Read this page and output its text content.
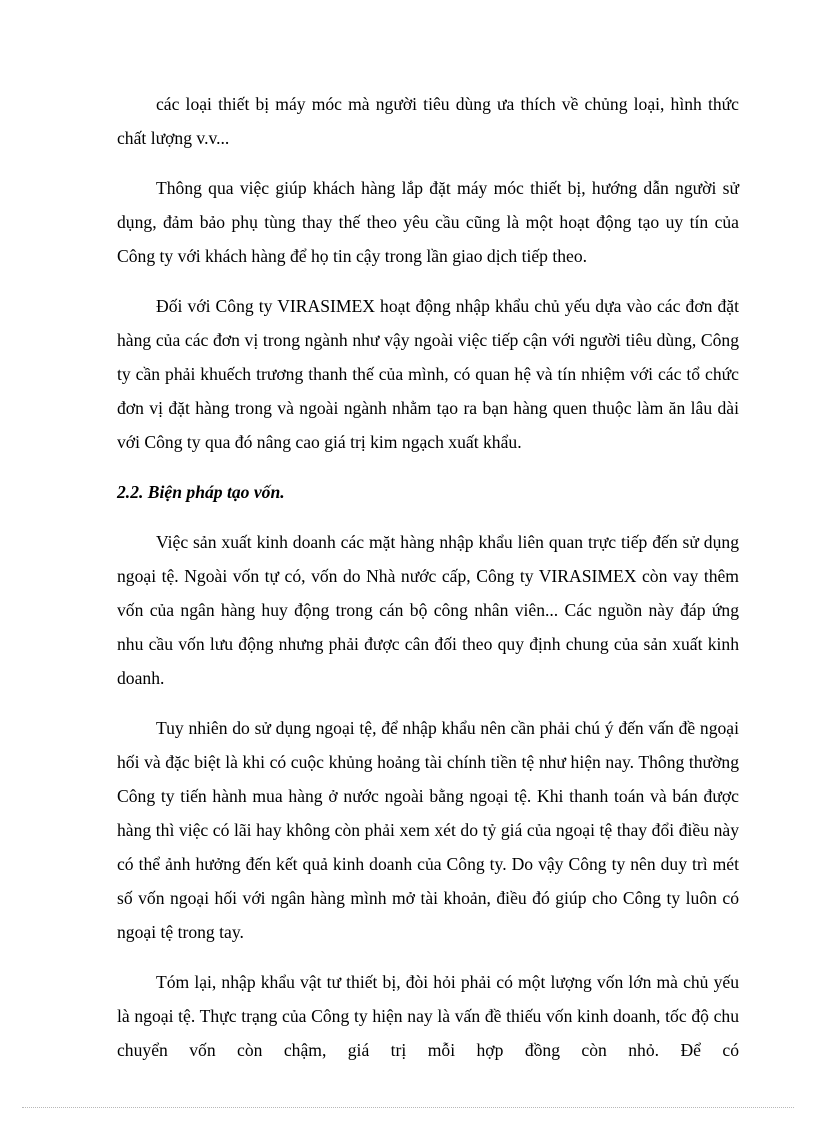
các loại thiết bị máy móc mà người tiêu dùng ưa thích về chủng loại, hình thức chất lượng v.v...

Thông qua việc giúp khách hàng lắp đặt máy móc thiết bị, hướng dẫn người sử dụng, đảm bảo phụ tùng thay thế theo yêu cầu cũng là một hoạt động tạo uy tín của Công ty với khách hàng để họ tin cậy trong lần giao dịch tiếp theo.

Đối với Công ty VIRASIMEX hoạt động nhập khẩu chủ yếu dựa vào các đơn đặt hàng của các đơn vị trong ngành như vậy ngoài việc tiếp cận với người tiêu dùng, Công ty cần phải khuếch trương thanh thế của mình, có quan hệ và tín nhiệm với các tổ chức đơn vị đặt hàng trong và ngoài ngành nhằm tạo ra bạn hàng quen thuộc làm ăn lâu dài với Công ty qua đó nâng cao giá trị kim ngạch xuất khẩu.

2.2. Biện pháp tạo vốn.

Việc sản xuất kinh doanh các mặt hàng nhập khẩu liên quan trực tiếp đến sử dụng ngoại tệ. Ngoài vốn tự có, vốn do Nhà nước cấp, Công ty VIRASIMEX còn vay thêm vốn của ngân hàng huy động trong cán bộ công nhân viên... Các nguồn này đáp ứng nhu cầu vốn lưu động nhưng phải được cân đối theo quy định chung của sản xuất kinh doanh.

Tuy nhiên do sử dụng ngoại tệ, để nhập khẩu nên cần phải chú ý đến vấn đề ngoại hối và đặc biệt là khi có cuộc khủng hoảng tài chính tiền tệ như hiện nay. Thông thường Công ty tiến hành mua hàng ở nước ngoài bằng ngoại tệ. Khi thanh toán và bán được hàng thì việc có lãi hay không còn phải xem xét do tỷ giá của ngoại tệ thay đổi điều này có thể ảnh hưởng đến kết quả kinh doanh của Công ty. Do vậy Công ty nên duy trì mét số vốn ngoại hối với ngân hàng mình mở tài khoản, điều đó giúp cho Công ty luôn có ngoại tệ trong tay.

Tóm lại, nhập khẩu vật tư thiết bị, đòi hỏi phải có một lượng vốn lớn mà chủ yếu là ngoại tệ. Thực trạng của Công ty hiện nay là vấn đề thiếu vốn kinh doanh, tốc độ chu chuyển vốn còn chậm, giá trị mỗi hợp đồng còn nhỏ. Để có
